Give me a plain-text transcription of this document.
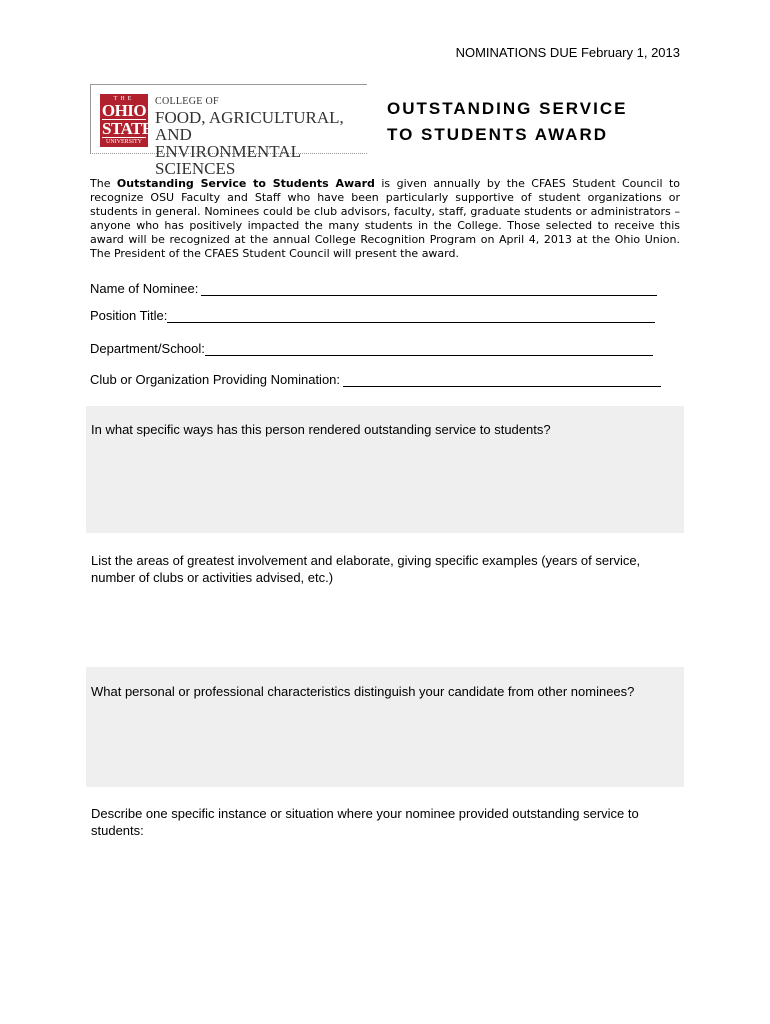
NOMINATIONS DUE February 1, 2013
THE
OHIO
STATE
UNIVERSITY
COLLEGE OF
FOOD, AGRICULTURAL, AND
ENVIRONMENTAL SCIENCES
OUTSTANDING SERVICE
TO STUDENTS AWARD
The Outstanding Service to Students Award is given annually by the CFAES Student Council to recognize OSU Faculty and Staff who have been particularly supportive of student organizations or students in general. Nominees could be club advisors, faculty, staff, graduate students or administrators – anyone who has positively impacted the many students in the College. Those selected to receive this award will be recognized at the annual College Recognition Program on April 4, 2013 at the Ohio Union. The President of the CFAES Student Council will present the award.
Name of Nominee:
Position Title:
Department/School:
Club or Organization Providing Nomination:
In what specific ways has this person rendered outstanding service to students?
List the areas of greatest involvement and elaborate, giving specific examples (years of service, number of clubs or activities advised, etc.)
What personal or professional characteristics distinguish your candidate from other nominees?
Describe one specific instance or situation where your nominee provided outstanding service to students:
